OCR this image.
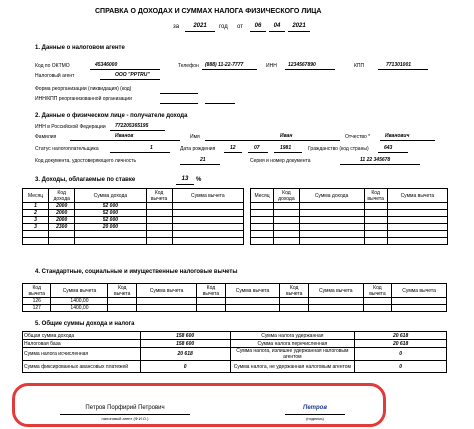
СПРАВКА О ДОХОДАХ И СУММАХ НАЛОГА ФИЗИЧЕСКОГО ЛИЦА
за	2021	год от	06	04	2021
1. Данные о налоговом агенте
Код по ОКТМО	45346000	Телефон (888) 11-22-7777	ИНН 1234567890	КПП	771301001
Налоговый агент	ООО "PPTRU"
Форма реорганизации (ликвидация) (код)
ИНН/КПП реорганизованной организации
2. Данные о физическом лице - получателе дохода
ИНН в Российской Федерации 772205365195
Фамилия	Иванов	Имя	Иван	Отчество *	Иванович
Статус налогоплательщика	1	Дата рождения	12	07	1981	Гражданство (код страны)	643
Код документа, удостоверяющего личность	21	Серия и номер документа	11 22 345678
3. Доходы, облагаемые по ставке	13	%
Месяц	Код дохода	Сумма дохода	Код вычета	Сумма вычета
1	2000	52 000		
2	2000	52 000		
3	2000	52 000		
3	2300	20 000		

Месяц	Код дохода	Сумма дохода	Код вычета	Сумма вычета

4. Стандартные, социальные и имущественные налоговые вычеты
Код вычета	Сумма вычета	Код вычета	Сумма вычета	Код вычета	Сумма вычета	Код вычета	Сумма вычета	Код вычета	Сумма вычета
126	1400,00								
127	1400,00								
5. Общие суммы дохода и налога
Общая сумма дохода	158 600	Сумма налога удержанная	20 618
Налоговая база	158 600	Сумма налога перечисленная	20 618
Сумма налога исчисленная	20 618	Сумма налога, излишне удержанная налоговым агентом	0
Сумма фиксированных авансовых платежей	0	Сумма налога, не удержанная налоговым агентом	0
Петров Порфирий Петрович
налоговый агент (Ф.И.О.)
Петров
(подпись)
